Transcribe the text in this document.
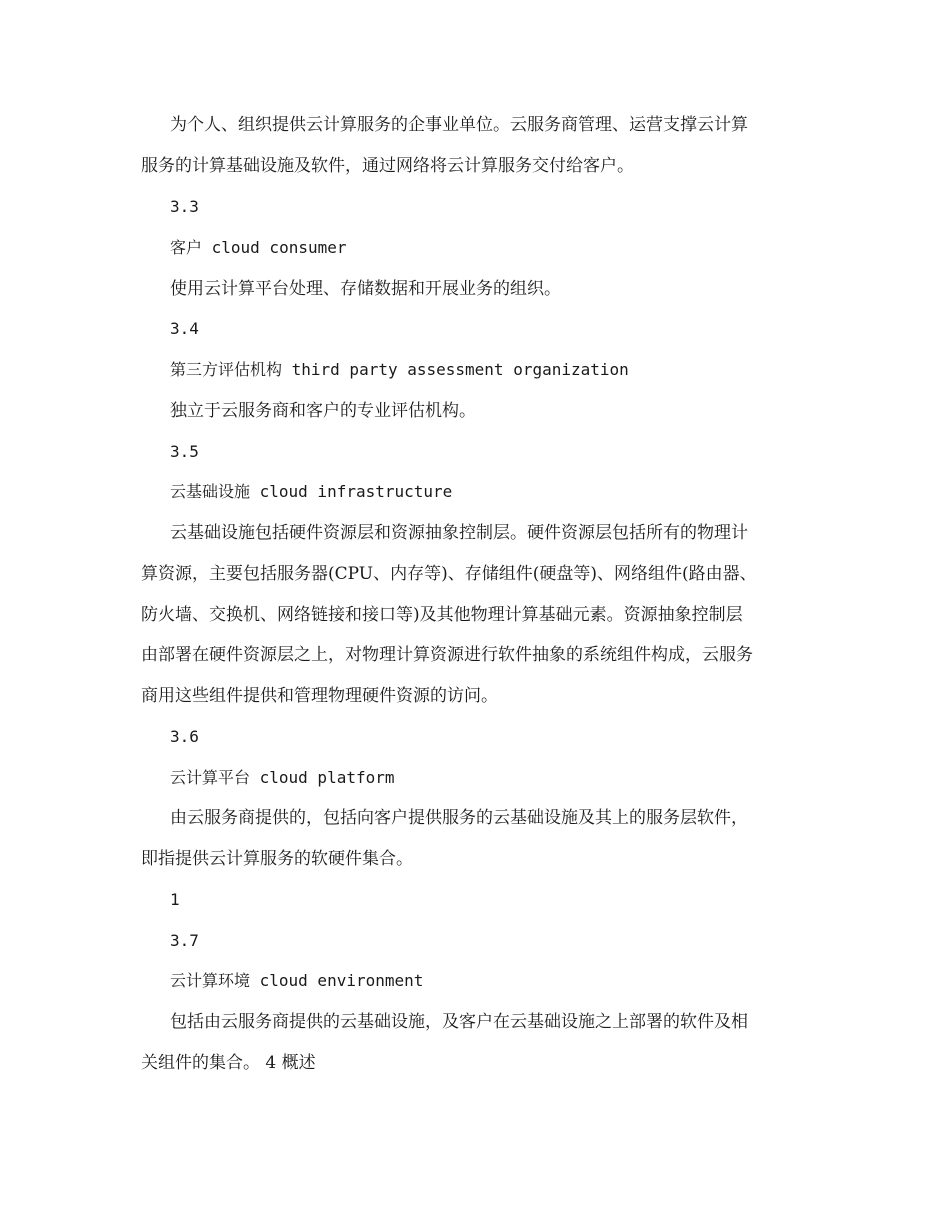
为个人、组织提供云计算服务的企事业单位。云服务商管理、运营支撑云计算
服务的计算基础设施及软件，通过网络将云计算服务交付给客户。
3.3
客户 cloud consumer
使用云计算平台处理、存储数据和开展业务的组织。
3.4
第三方评估机构 third party assessment organization
独立于云服务商和客户的专业评估机构。
3.5
云基础设施 cloud infrastructure
云基础设施包括硬件资源层和资源抽象控制层。硬件资源层包括所有的物理计
算资源，主要包括服务器(CPU、内存等)、存储组件(硬盘等)、网络组件(路由器、
防火墙、交换机、网络链接和接口等)及其他物理计算基础元素。资源抽象控制层
由部署在硬件资源层之上，对物理计算资源进行软件抽象的系统组件构成，云服务
商用这些组件提供和管理物理硬件资源的访问。
3.6
云计算平台 cloud platform
由云服务商提供的，包括向客户提供服务的云基础设施及其上的服务层软件，
即指提供云计算服务的软硬件集合。
1
3.7
云计算环境 cloud environment
包括由云服务商提供的云基础设施，及客户在云基础设施之上部署的软件及相
关组件的集合。 4 概述
